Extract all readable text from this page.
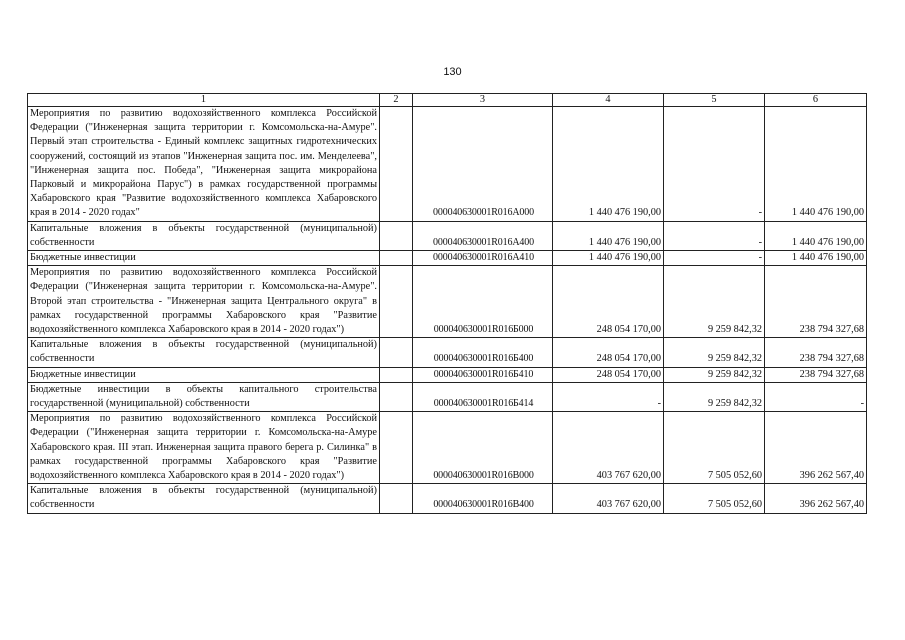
130
1	2	3	4	5	6
Мероприятия по развитию водохозяйственного комплекса Российской Федерации ("Инженерная защита территории г. Комсомольска-на-Амуре". Первый этап строительства - Единый комплекс защитных гидротехнических сооружений, состоящий из этапов "Инженерная защита пос. им. Менделеева", "Инженерная защита пос. Победа", "Инженерная защита микрорайона Парковый и микрорайона Парус") в рамках государственной программы Хабаровского края "Развитие водохозяйственного комплекса Хабаровского края в 2014 - 2020 годах"		000040630001R016A000	1 440 476 190,00	-	1 440 476 190,00
Капитальные вложения в объекты государственной (муниципальной) собственности		000040630001R016A400	1 440 476 190,00	-	1 440 476 190,00
Бюджетные инвестиции		000040630001R016A410	1 440 476 190,00	-	1 440 476 190,00
Мероприятия по развитию водохозяйственного комплекса Российской Федерации ("Инженерная защита территории г. Комсомольска-на-Амуре". Второй этап строительства - "Инженерная защита Центрального округа" в рамках государственной программы Хабаровского края "Развитие водохозяйственного комплекса Хабаровского края в 2014 - 2020 годах")		000040630001R016Б000	248 054 170,00	9 259 842,32	238 794 327,68
Капитальные вложения в объекты государственной (муниципальной) собственности		000040630001R016Б400	248 054 170,00	9 259 842,32	238 794 327,68
Бюджетные инвестиции		000040630001R016Б410	248 054 170,00	9 259 842,32	238 794 327,68
Бюджетные инвестиции в объекты капитального строительства государственной (муниципальной) собственности		000040630001R016Б414	-	9 259 842,32	-
Мероприятия по развитию водохозяйственного комплекса Российской Федерации ("Инженерная защита территории г. Комсомольска-на-Амуре Хабаровского края. III этап. Инженерная защита правого берега р. Силинка" в рамках государственной программы Хабаровского края "Развитие водохозяйственного комплекса Хабаровского края в 2014 - 2020 годах")		000040630001R016B000	403 767 620,00	7 505 052,60	396 262 567,40
Капитальные вложения в объекты государственной (муниципальной) собственности		000040630001R016B400	403 767 620,00	7 505 052,60	396 262 567,40
